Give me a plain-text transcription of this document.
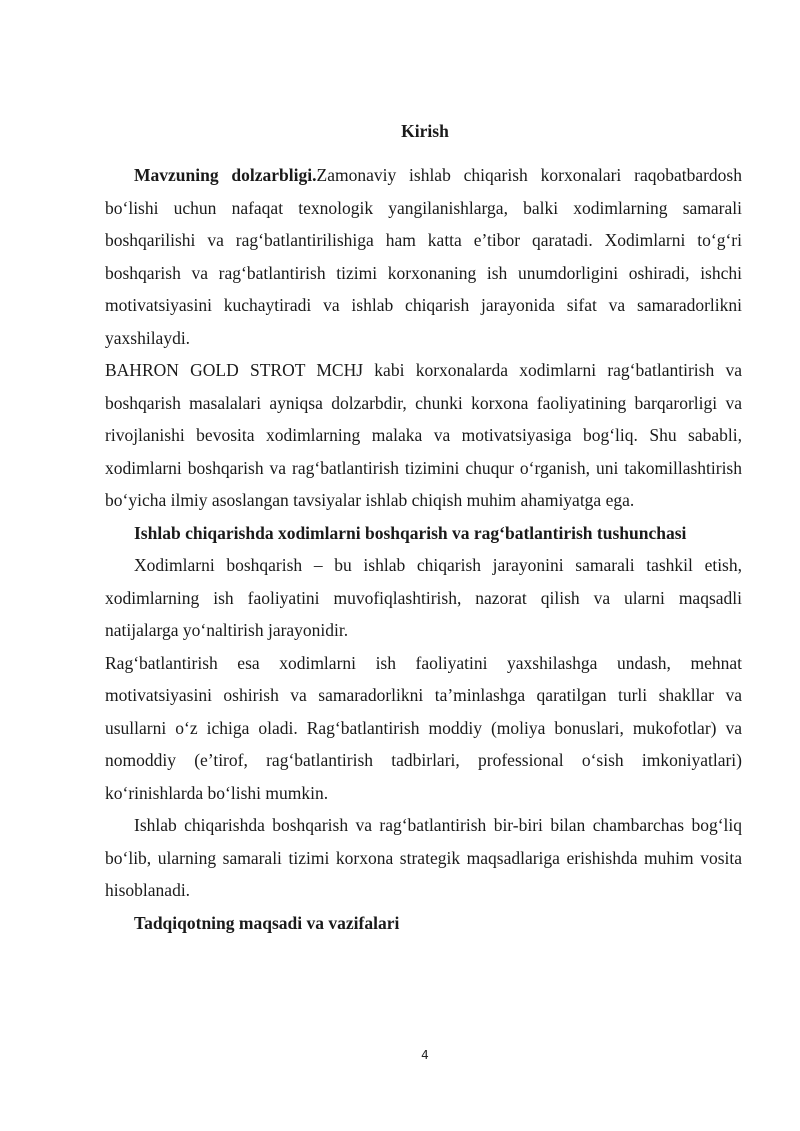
Kirish

Mavzuning dolzarbligi.Zamonaviy ishlab chiqarish korxonalari raqobatbardosh bo‘lishi uchun nafaqat texnologik yangilanishlarga, balki xodimlarning samarali boshqarilishi va rag‘batlantirilishiga ham katta e’tibor qaratadi. Xodimlarni to‘g‘ri boshqarish va rag‘batlantirish tizimi korxonaning ish unumdorligini oshiradi, ishchi motivatsiyasini kuchaytiradi va ishlab chiqarish jarayonida sifat va samaradorlikni yaxshilaydi.

BAHRON GOLD STROT MCHJ kabi korxonalarda xodimlarni rag‘batlantirish va boshqarish masalalari ayniqsa dolzarbdir, chunki korxona faoliyatining barqarorligi va rivojlanishi bevosita xodimlarning malaka va motivatsiyasiga bog‘liq. Shu sababli, xodimlarni boshqarish va rag‘batlantirish tizimini chuqur o‘rganish, uni takomillashtirish bo‘yicha ilmiy asoslangan tavsiyalar ishlab chiqish muhim ahamiyatga ega.

Ishlab chiqarishda xodimlarni boshqarish va rag‘batlantirish tushunchasi

Xodimlarni boshqarish – bu ishlab chiqarish jarayonini samarali tashkil etish, xodimlarning ish faoliyatini muvofiqlashtirish, nazorat qilish va ularni maqsadli natijalarga yo‘naltirish jarayonidir.

Rag‘batlantirish esa xodimlarni ish faoliyatini yaxshilashga undash, mehnat motivatsiyasini oshirish va samaradorlikni ta’minlashga qaratilgan turli shakllar va usullarni o‘z ichiga oladi. Rag‘batlantirish moddiy (moliya bonuslari, mukofotlar) va nomoddiy (e’tirof, rag‘batlantirish tadbirlari, professional o‘sish imkoniyatlari) ko‘rinishlarda bo‘lishi mumkin.

Ishlab chiqarishda boshqarish va rag‘batlantirish bir-biri bilan chambarchas bog‘liq bo‘lib, ularning samarali tizimi korxona strategik maqsadlariga erishishda muhim vosita hisoblanadi.

Tadqiqotning maqsadi va vazifalari

4
